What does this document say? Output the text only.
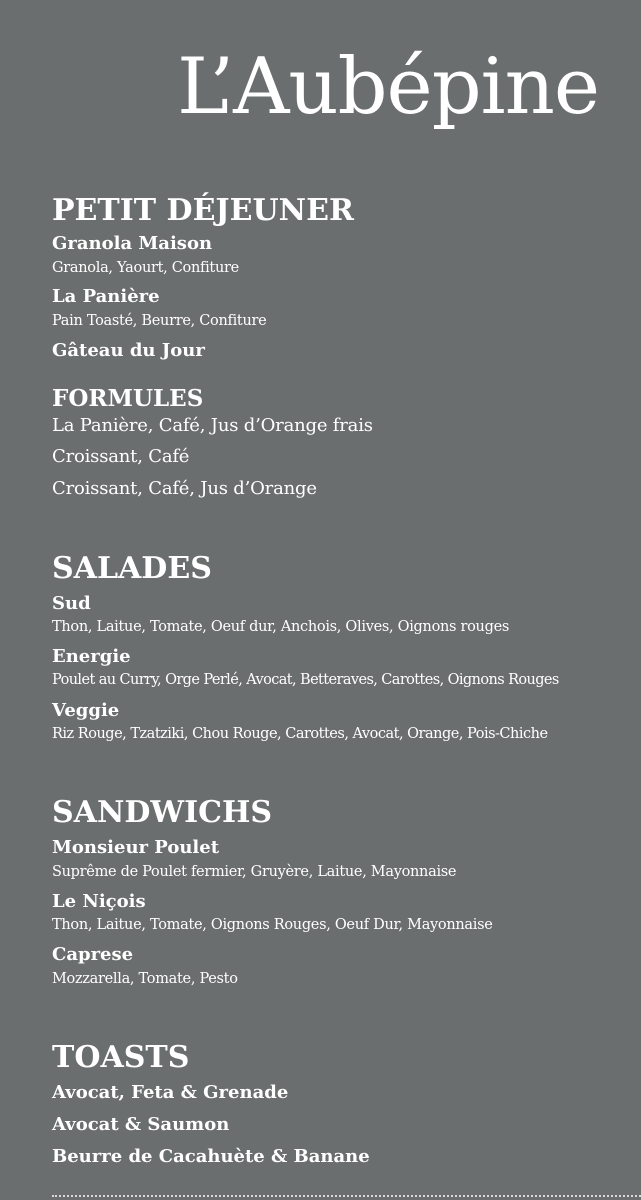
L’Aubépine
PETIT DÉJEUNER
Granola Maison
Granola, Yaourt, Confiture
La Panière
Pain Toasté, Beurre, Confiture
Gâteau du Jour
FORMULES
La Panière, Café, Jus d’Orange frais
Croissant, Café
Croissant, Café, Jus d’Orange
SALADES
Sud
Thon, Laitue, Tomate, Oeuf dur, Anchois, Olives, Oignons rouges
Energie
Poulet au Curry, Orge Perlé, Avocat, Betteraves, Carottes, Oignons Rouges
Veggie
Riz Rouge, Tzatziki, Chou Rouge, Carottes, Avocat, Orange, Pois-Chiche
SANDWICHS
Monsieur Poulet
Suprême de Poulet fermier, Gruyère, Laitue, Mayonnaise
Le Niçois
Thon, Laitue, Tomate, Oignons Rouges, Oeuf Dur, Mayonnaise
Caprese
Mozzarella, Tomate, Pesto
TOASTS
Avocat, Feta & Grenade
Avocat & Saumon
Beurre de Cacahuète & Banane
